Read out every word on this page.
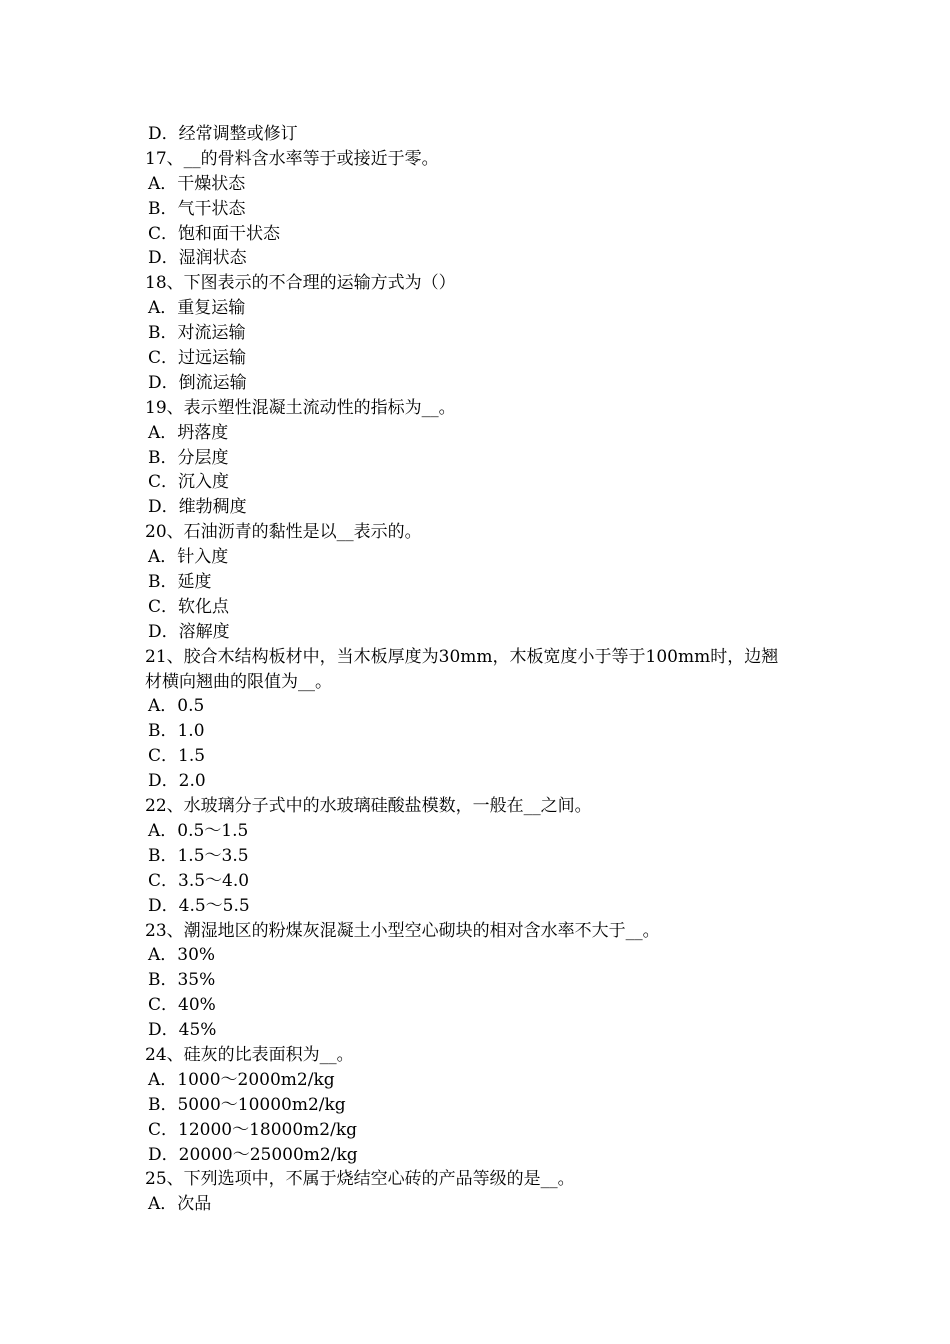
D．经常调整或修订
17、__的骨料含水率等于或接近于零。
A．干燥状态
B．气干状态
C．饱和面干状态
D．湿润状态
18、下图表示的不合理的运输方式为（）
A．重复运输
B．对流运输
C．过远运输
D．倒流运输
19、表示塑性混凝土流动性的指标为__。
A．坍落度
B．分层度
C．沉入度
D．维勃稠度
20、石油沥青的黏性是以__表示的。
A．针入度
B．延度
C．软化点
D．溶解度
21、胶合木结构板材中，当木板厚度为30mm，木板宽度小于等于100mm时，边翘
材横向翘曲的限值为__。
A．0.5
B．1.0
C．1.5
D．2.0
22、水玻璃分子式中的水玻璃硅酸盐模数，一般在__之间。
A．0.5～1.5
B．1.5～3.5
C．3.5～4.0
D．4.5～5.5
23、潮湿地区的粉煤灰混凝土小型空心砌块的相对含水率不大于__。
A．30%
B．35%
C．40%
D．45%
24、硅灰的比表面积为__。
A．1000～2000m2/kg
B．5000～10000m2/kg
C．12000～18000m2/kg
D．20000～25000m2/kg
25、下列选项中，不属于烧结空心砖的产品等级的是__。
A．次品
